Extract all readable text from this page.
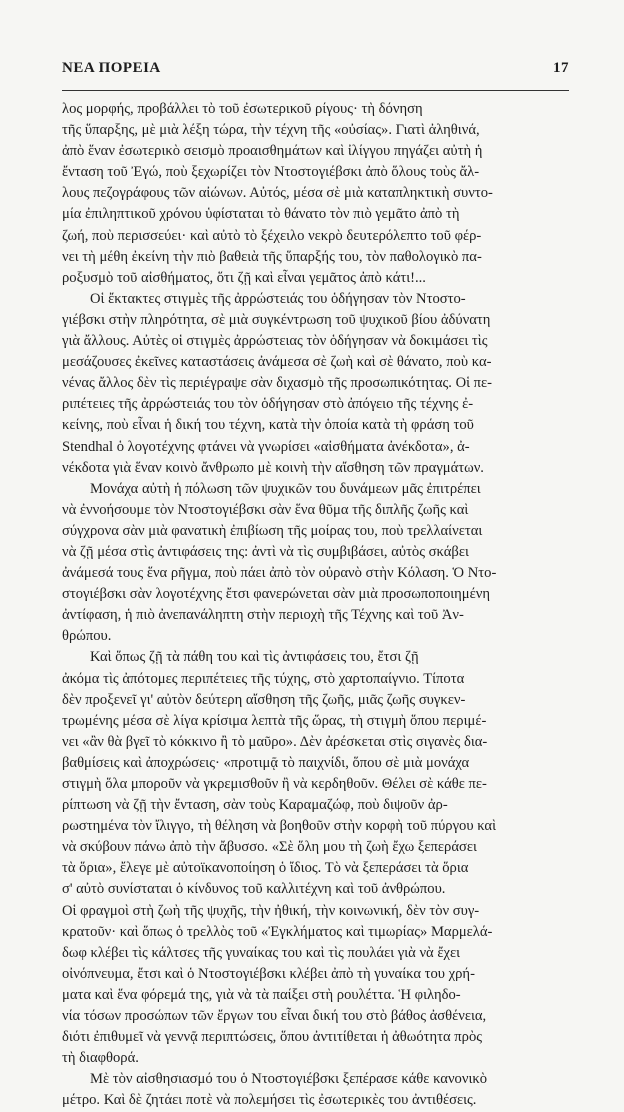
ΝΕΑ ΠΟΡΕΙΑ	17
λος μορφής, προβάλλει τὸ τοῦ ἐσωτερικοῦ ρίγους· τὴ δόνηση
τῆς ὕπαρξης, μὲ μιὰ λέξη τώρα, τὴν τέχνη τῆς «οὐσίας». Γιατὶ ἀληθινά,
ἀπὸ ἕναν ἐσωτερικὸ σεισμὸ προαισθημάτων καὶ ἰλίγγου πηγάζει αὐτὴ ἡ
ἔνταση τοῦ Ἐγώ, ποὺ ξεχωρίζει τὸν Ντοστογιέβσκι ἀπὸ ὅλους τοὺς ἄλ-
λους πεζογράφους τῶν αἰώνων. Αὐτός, μέσα σὲ μιὰ καταπληκτικὴ συντο-
μία ἐπιληπτικοῦ χρόνου ὑφίσταται τὸ θάνατο τὸν πιὸ γεμᾶτο ἀπὸ τὴ
ζωή, ποὺ περισσεύει· καὶ αὐτὸ τὸ ξέχειλο νεκρὸ δευτερόλεπτο τοῦ φέρ-
νει τὴ μέθη ἐκείνη τὴν πιὸ βαθειὰ τῆς ὕπαρξής του, τὸν παθολογικὸ πα-
ροξυσμὸ τοῦ αἰσθήματος, ὅτι ζῇ καὶ εἶναι γεμᾶτος ἀπὸ κάτι!...
Οἱ ἔκτακτες στιγμὲς τῆς ἀρρώστειάς του ὁδήγησαν τὸν Ντοστο-
γιέβσκι στὴν πληρότητα, σὲ μιὰ συγκέντρωση τοῦ ψυχικοῦ βίου ἀδύνατη
γιὰ ἄλλους. Αὐτὲς οἱ στιγμὲς ἀρρώστειας τὸν ὁδήγησαν νὰ δοκιμάσει τὶς
μεσάζουσες ἐκεῖνες καταστάσεις ἀνάμεσα σὲ ζωὴ καὶ σὲ θάνατο, ποὺ κα-
νένας ἄλλος δὲν τὶς περιέγραψε σὰν διχασμὸ τῆς προσωπικότητας. Οἱ πε-
ριπέτειες τῆς ἀρρώστειάς του τὸν ὁδήγησαν στὸ ἀπόγειο τῆς τέχνης ἐ-
κείνης, ποὺ εἶναι ἡ δική του τέχνη, κατὰ τὴν ὁποία κατὰ τὴ φράση τοῦ
Stendhal ὁ λογοτέχνης φτάνει νὰ γνωρίσει «αἰσθήματα ἀνέκδοτα», ἀ-
νέκδοτα γιὰ ἕναν κοινὸ ἄνθρωπο μὲ κοινὴ τὴν αἴσθηση τῶν πραγμάτων.
Μονάχα αὐτὴ ἡ πόλωση τῶν ψυχικῶν του δυνάμεων μᾶς ἐπιτρέπει
νὰ ἐννοήσουμε τὸν Ντοστογιέβσκι σὰν ἕνα θῦμα τῆς διπλῆς ζωῆς καὶ
σύγχρονα σὰν μιὰ φανατικὴ ἐπιβίωση τῆς μοίρας του, ποὺ τρελλαίνεται
νὰ ζῇ μέσα στὶς ἀντιφάσεις της: ἀντὶ νὰ τὶς συμβιβάσει, αὐτὸς σκάβει
ἀνάμεσά τους ἕνα ρῆγμα, ποὺ πάει ἀπὸ τὸν οὐρανὸ στὴν Κόλαση. Ὁ Ντο-
στογιέβσκι σὰν λογοτέχνης ἔτσι φανερώνεται σὰν μιὰ προσωποποιημένη
ἀντίφαση, ἡ πιὸ ἀνεπανάληπτη στὴν περιοχὴ τῆς Τέχνης καὶ τοῦ Ἀν-
θρώπου.
Καὶ ὅπως ζῇ τὰ πάθη του καὶ τὶς ἀντιφάσεις του, ἔτσι ζῇ
ἀκόμα τὶς ἀπότομες περιπέτειες τῆς τύχης, στὸ χαρτοπαίγνιο. Τίποτα
δὲν προξενεῖ γι' αὐτὸν δεύτερη αἴσθηση τῆς ζωῆς, μιᾶς ζωῆς συγκεν-
τρωμένης μέσα σὲ λίγα κρίσιμα λεπτὰ τῆς ὥρας, τὴ στιγμὴ ὅπου περιμέ-
νει «ἂν θὰ βγεῖ τὸ κόκκινο ἢ τὸ μαῦρο». Δὲν ἀρέσκεται στὶς σιγανὲς δια-
βαθμίσεις καὶ ἀποχρώσεις· «προτιμᾷ τὸ παιχνίδι, ὅπου σὲ μιὰ μονάχα
στιγμὴ ὅλα μποροῦν νὰ γκρεμισθοῦν ἢ νὰ κερδηθοῦν. Θέλει σὲ κάθε πε-
ρίπτωση νὰ ζῇ τὴν ἔνταση, σὰν τοὺς Καραμαζώφ, ποὺ διψοῦν ἀρ-
ρωστημένα τὸν ἴλιγγο, τὴ θέληση νὰ βοηθοῦν στὴν κορφὴ τοῦ πύργου καὶ
νὰ σκύβουν πάνω ἀπὸ τὴν ἄβυσσο. «Σὲ ὅλη μου τὴ ζωὴ ἔχω ξεπεράσει
τὰ ὅρια», ἔλεγε μὲ αὐτοϊκανοποίηση ὁ ἴδιος. Τὸ νὰ ξεπεράσει τὰ ὅρια
σ' αὐτὸ συνίσταται ὁ κίνδυνος τοῦ καλλιτέχνη καὶ τοῦ ἀνθρώπου.
Οἱ φραγμοὶ στὴ ζωὴ τῆς ψυχῆς, τὴν ἠθική, τὴν κοινωνική, δὲν τὸν συγ-
κρατοῦν· καὶ ὅπως ὁ τρελλὸς τοῦ «Ἐγκλήματος καὶ τιμωρίας» Μαρμελά-
δωφ κλέβει τὶς κάλτσες τῆς γυναίκας του καὶ τὶς πουλάει γιὰ νὰ ἔχει
οἰνόπνευμα, ἔτσι καὶ ὁ Ντοστογιέβσκι κλέβει ἀπὸ τὴ γυναίκα του χρή-
ματα καὶ ἕνα φόρεμά της, γιὰ νὰ τὰ παίξει στὴ ρουλέττα. Ἡ φιληδο-
νία τόσων προσώπων τῶν ἔργων του εἶναι δική του στὸ βάθος ἀσθένεια,
διότι ἐπιθυμεῖ νὰ γεννᾷ περιπτώσεις, ὅπου ἀντιτίθεται ἡ ἀθωότητα πρὸς
τὴ διαφθορά.
Μὲ τὸν αἰσθησιασμό του ὁ Ντοστογιέβσκι ξεπέρασε κάθε κανονικὸ
μέτρο. Καὶ δὲ ζητάει ποτὲ νὰ πολεμήσει τὶς ἐσωτερικὲς του ἀντιθέσεις.
